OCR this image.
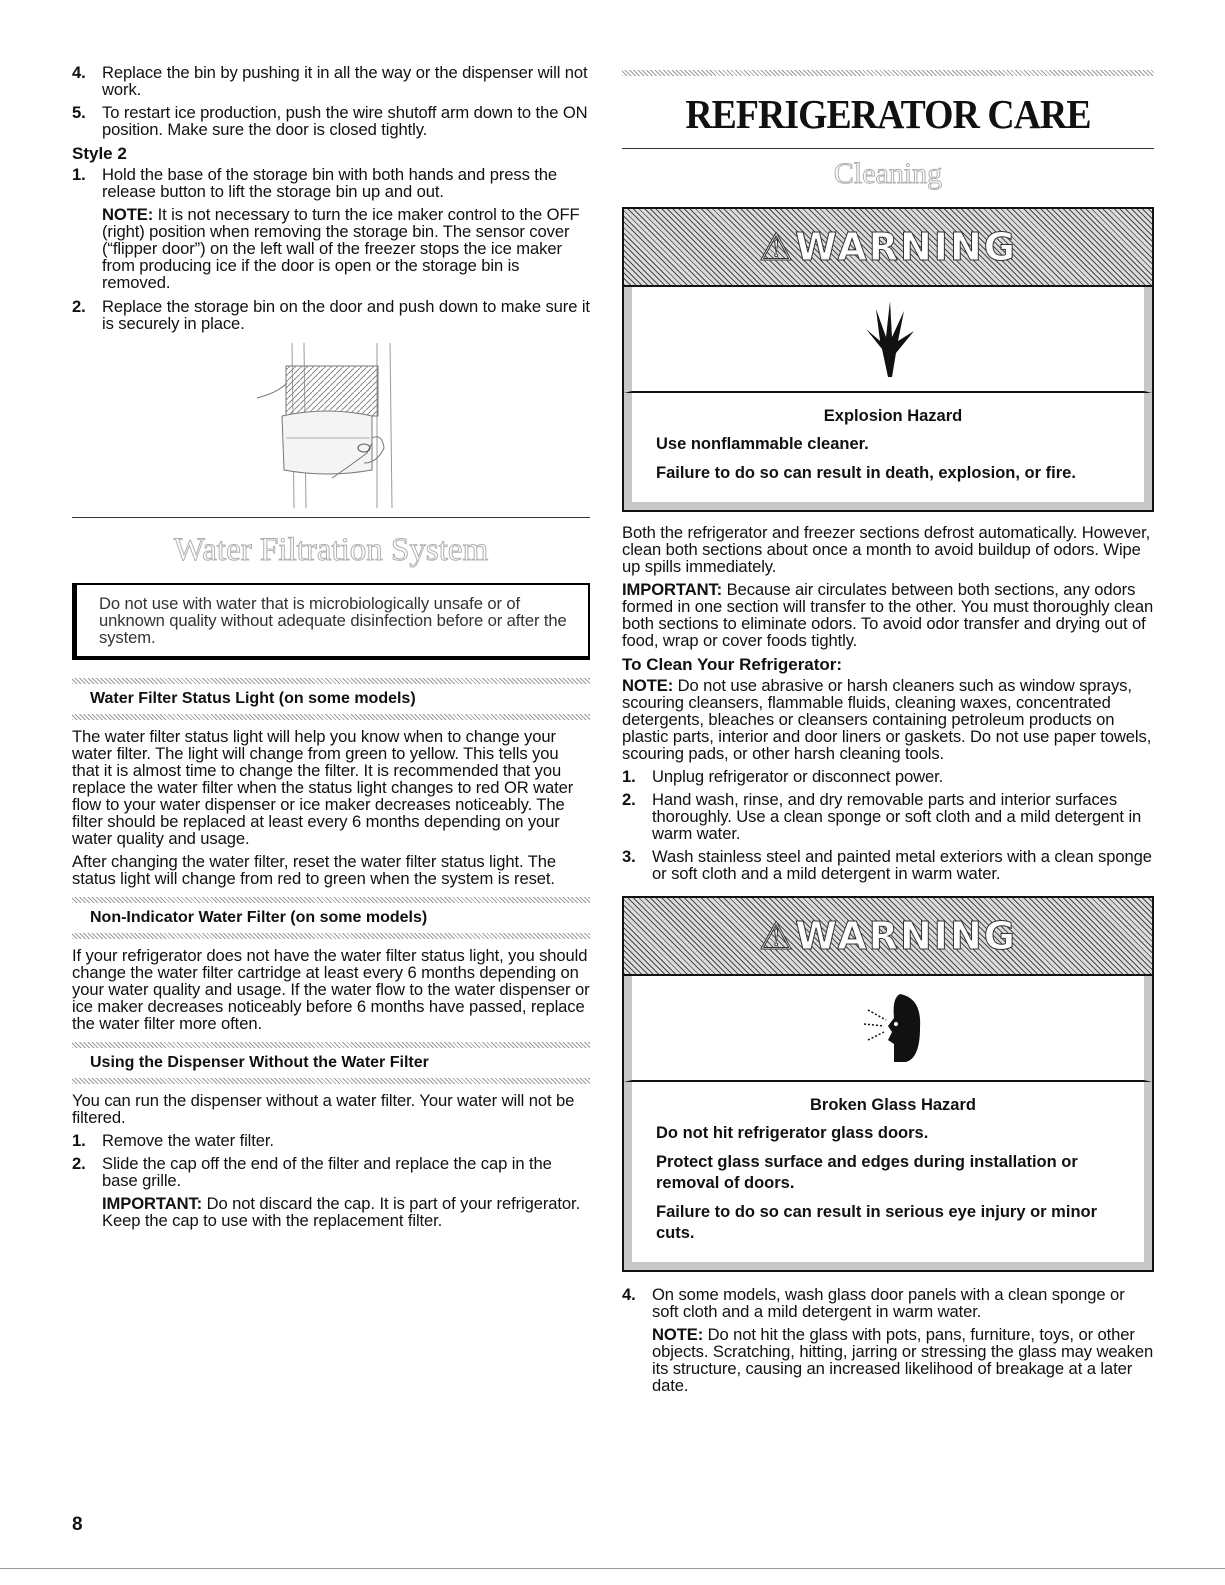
4. Replace the bin by pushing it in all the way or the dispenser will not work.
5. To restart ice production, push the wire shutoff arm down to the ON position. Make sure the door is closed tightly.
Style 2
1. Hold the base of the storage bin with both hands and press the release button to lift the storage bin up and out.

NOTE: It is not necessary to turn the ice maker control to the OFF (right) position when removing the storage bin. The sensor cover (“flipper door”) on the left wall of the freezer stops the ice maker from producing ice if the door is open or the storage bin is removed.

2. Replace the storage bin on the door and push down to make sure it is securely in place.
Water Filtration System

Do not use with water that is microbiologically unsafe or of unknown quality without adequate disinfection before or after the system.

Water Filter Status Light (on some models)

The water filter status light will help you know when to change your water filter. The light will change from green to yellow. This tells you that it is almost time to change the filter. It is recommended that you replace the water filter when the status light changes to red OR water flow to your water dispenser or ice maker decreases noticeably. The filter should be replaced at least every 6 months depending on your water quality and usage.

After changing the water filter, reset the water filter status light. The status light will change from red to green when the system is reset.

Non-Indicator Water Filter (on some models)

If your refrigerator does not have the water filter status light, you should change the water filter cartridge at least every 6 months depending on your water quality and usage. If the water flow to the water dispenser or ice maker decreases noticeably before 6 months have passed, replace the water filter more often.

Using the Dispenser Without the Water Filter

You can run the dispenser without a water filter. Your water will not be filtered.

1. Remove the water filter.
2. Slide the cap off the end of the filter and replace the cap in the base grille.

IMPORTANT: Do not discard the cap. It is part of your refrigerator. Keep the cap to use with the replacement filter.

REFRIGERATOR CARE
Cleaning
⚠WARNING
Explosion Hazard
Use nonflammable cleaner.
Failure to do so can result in death, explosion, or fire.

Both the refrigerator and freezer sections defrost automatically. However, clean both sections about once a month to avoid buildup of odors. Wipe up spills immediately.

IMPORTANT: Because air circulates between both sections, any odors formed in one section will transfer to the other. You must thoroughly clean both sections to eliminate odors. To avoid odor transfer and drying out of food, wrap or cover foods tightly.

To Clean Your Refrigerator:

NOTE: Do not use abrasive or harsh cleaners such as window sprays, scouring cleansers, flammable fluids, cleaning waxes, concentrated detergents, bleaches or cleansers containing petroleum products on plastic parts, interior and door liners or gaskets. Do not use paper towels, scouring pads, or other harsh cleaning tools.

1. Unplug refrigerator or disconnect power.
2. Hand wash, rinse, and dry removable parts and interior surfaces thoroughly. Use a clean sponge or soft cloth and a mild detergent in warm water.
3. Wash stainless steel and painted metal exteriors with a clean sponge or soft cloth and a mild detergent in warm water.
⚠WARNING
Broken Glass Hazard
Do not hit refrigerator glass doors.
Protect glass surface and edges during installation or removal of doors.
Failure to do so can result in serious eye injury or minor cuts.
4. On some models, wash glass door panels with a clean sponge or soft cloth and a mild detergent in warm water.

NOTE: Do not hit the glass with pots, pans, furniture, toys, or other objects. Scratching, hitting, jarring or stressing the glass may weaken its structure, causing an increased likelihood of breakage at a later date.

8
